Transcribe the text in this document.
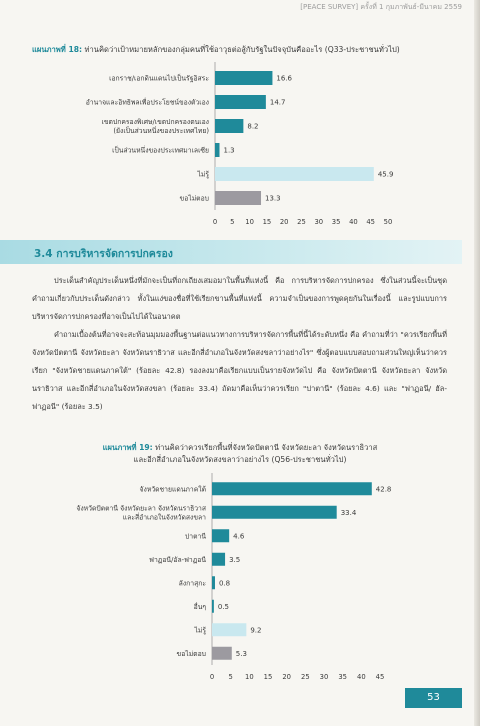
[PEACE SURVEY] ครั้งที่ 1 กุมภาพันธ์-มีนาคม 2559
แผนภาพที่ 18: ท่านคิดว่าเป้าหมายหลักของกลุ่มคนที่ใช้อาวุธต่อสู้กับรัฐในปัจจุบันคืออะไร (Q33-ประชาชนทั่วไป)
16.6
เอกราช/เอกดินแดนไปเป็นรัฐอิสระ
14.7
อำนาจและอิทธิพลเพื่อประโยชน์ของตัวเอง
8.2
เขตปกครองพิเศษ/เขตปกครองตนเอง
(ยังเป็นส่วนหนึ่งของประเทศไทย)
1.3
เป็นส่วนหนึ่งของประเทศมาเลเซีย
45.9
ไม่รู้
13.3
ขอไม่ตอบ
0 5 10 15 20 25 30 35 40 45 50
3.4 การบริหารจัดการปกครอง

ประเด็นสำคัญประเด็นหนึ่งที่มักจะเป็นที่ถกเถียงเสมอมาในพื้นที่แห่งนี้ คือ การบริหารจัดการปกครอง ซึ่งในส่วนนี้จะเป็นชุดคำถามเกี่ยวกับประเด็นดังกล่าว ทั้งในแง่ของชื่อที่ใช้เรียกขานพื้นที่แห่งนี้ ความจำเป็นของการพูดคุยกันในเรื่องนี้ และรูปแบบการบริหารจัดการปกครองที่อาจเป็นไปได้ในอนาคต

คำถามเบื้องต้นที่อาจจะสะท้อนมุมมองพื้นฐานต่อแนวทางการบริหารจัดการพื้นที่นี้ได้ระดับหนึ่ง คือ คำถามที่ว่า "ควรเรียกพื้นที่จังหวัดปัตตานี จังหวัดยะลา จังหวัดนราธิวาส และอีกสี่อำเภอในจังหวัดสงขลาว่าอย่างไร" ซึ่งผู้ตอบแบบสอบถามส่วนใหญ่เห็นว่าควรเรียก "จังหวัดชายแดนภาคใต้" (ร้อยละ 42.8) รองลงมาคือเรียกแบบเป็นรายจังหวัดไป คือ จังหวัดปัตตานี จังหวัดยะลา จังหวัดนราธิวาส และอีกสี่อำเภอในจังหวัดสงขลา (ร้อยละ 33.4) ถัดมาคือเห็นว่าควรเรียก "ปาตานี" (ร้อยละ 4.6) และ "ฟาฏอนี/ ฮัล-ฟาฏอนี" (ร้อยละ 3.5)

แผนภาพที่ 19: ท่านคิดว่าควรเรียกพื้นที่จังหวัดปัตตานี จังหวัดยะลา จังหวัดนราธิวาส
และอีกสี่อำเภอในจังหวัดสงขลาว่าอย่างไร (Q56-ประชาชนทั่วไป)
42.8
จังหวัดชายแดนภาคใต้
33.4
จังหวัดปัตตานี จังหวัดยะลา จังหวัดนราธิวาส
และสี่อำเภอในจังหวัดสงขลา
4.6
ปาตานี
3.5
ฟาฏอนี/อัล-ฟาฏอนี
0.8
ลังกาสุกะ
0.5
อื่นๆ
9.2
ไม่รู้
5.3
ขอไม่ตอบ
0 5 10 15 20 25 30 35 40 45
53
